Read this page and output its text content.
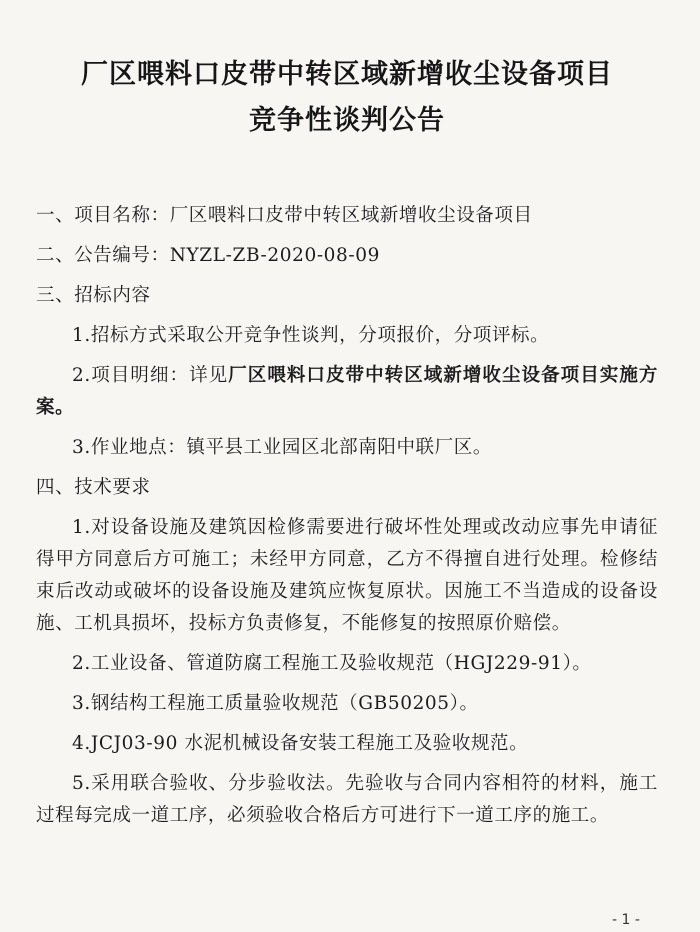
厂区喂料口皮带中转区域新增收尘设备项目
竞争性谈判公告

一、项目名称：厂区喂料口皮带中转区域新增收尘设备项目

二、公告编号：NYZL-ZB-2020-08-09

三、招标内容

1.招标方式采取公开竞争性谈判，分项报价，分项评标。

2.项目明细：详见厂区喂料口皮带中转区域新增收尘设备项目实施方案。

3.作业地点：镇平县工业园区北部南阳中联厂区。

四、技术要求

1.对设备设施及建筑因检修需要进行破坏性处理或改动应事先申请征得甲方同意后方可施工；未经甲方同意，乙方不得擅自进行处理。检修结束后改动或破坏的设备设施及建筑应恢复原状。因施工不当造成的设备设施、工机具损坏，投标方负责修复，不能修复的按照原价赔偿。

2.工业设备、管道防腐工程施工及验收规范（HGJ229-91）。

3.钢结构工程施工质量验收规范（GB50205）。

4.JCJ03-90 水泥机械设备安装工程施工及验收规范。

5.采用联合验收、分步验收法。先验收与合同内容相符的材料，施工过程每完成一道工序，必须验收合格后方可进行下一道工序的施工。

- 1 -
